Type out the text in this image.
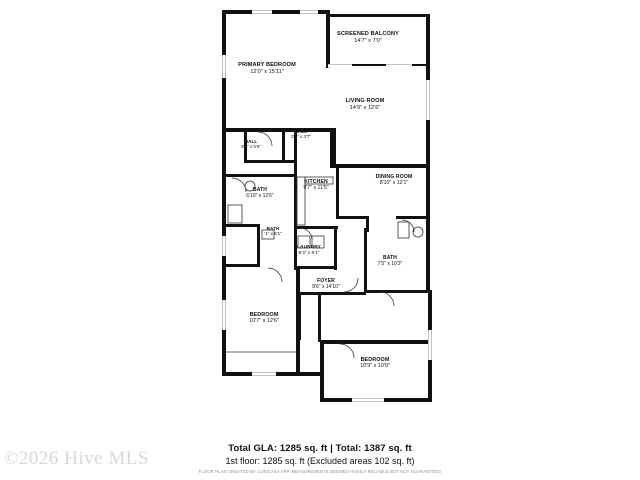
PRIMARY BEDROOM
12'0" x 15'11"
SCREENED BALCONY
14'7" x 7'0"
LIVING ROOM
14'9" x 12'6"
HALL
3'3" x 6'6"
HALL
3'8" x 3'7"
KITCHEN
9'7" x 11'5"
DINING ROOM
8'10" x 12'1"
BATH
6'10" x 12'6"
BATH
'1" x 6'1"
LAUNDRY
9'3" x 6'1"
BATH
7'5" x 10'3"
FOYER
8'6" x 14'10"
BEDROOM
10'7" x 12'6"
BEDROOM
10'9" x 10'9"
Total GLA: 1285 sq. ft | Total: 1387 sq. ft
1st floor: 1285 sq. ft (Excluded areas 102 sq. ft)
FLOOR PLAN CREATED BY CUBICASA APP, MEASUREMENTS DEEMED HIGHLY RELIABLE BUT NOT GUARANTEED
©2026 Hive MLS
